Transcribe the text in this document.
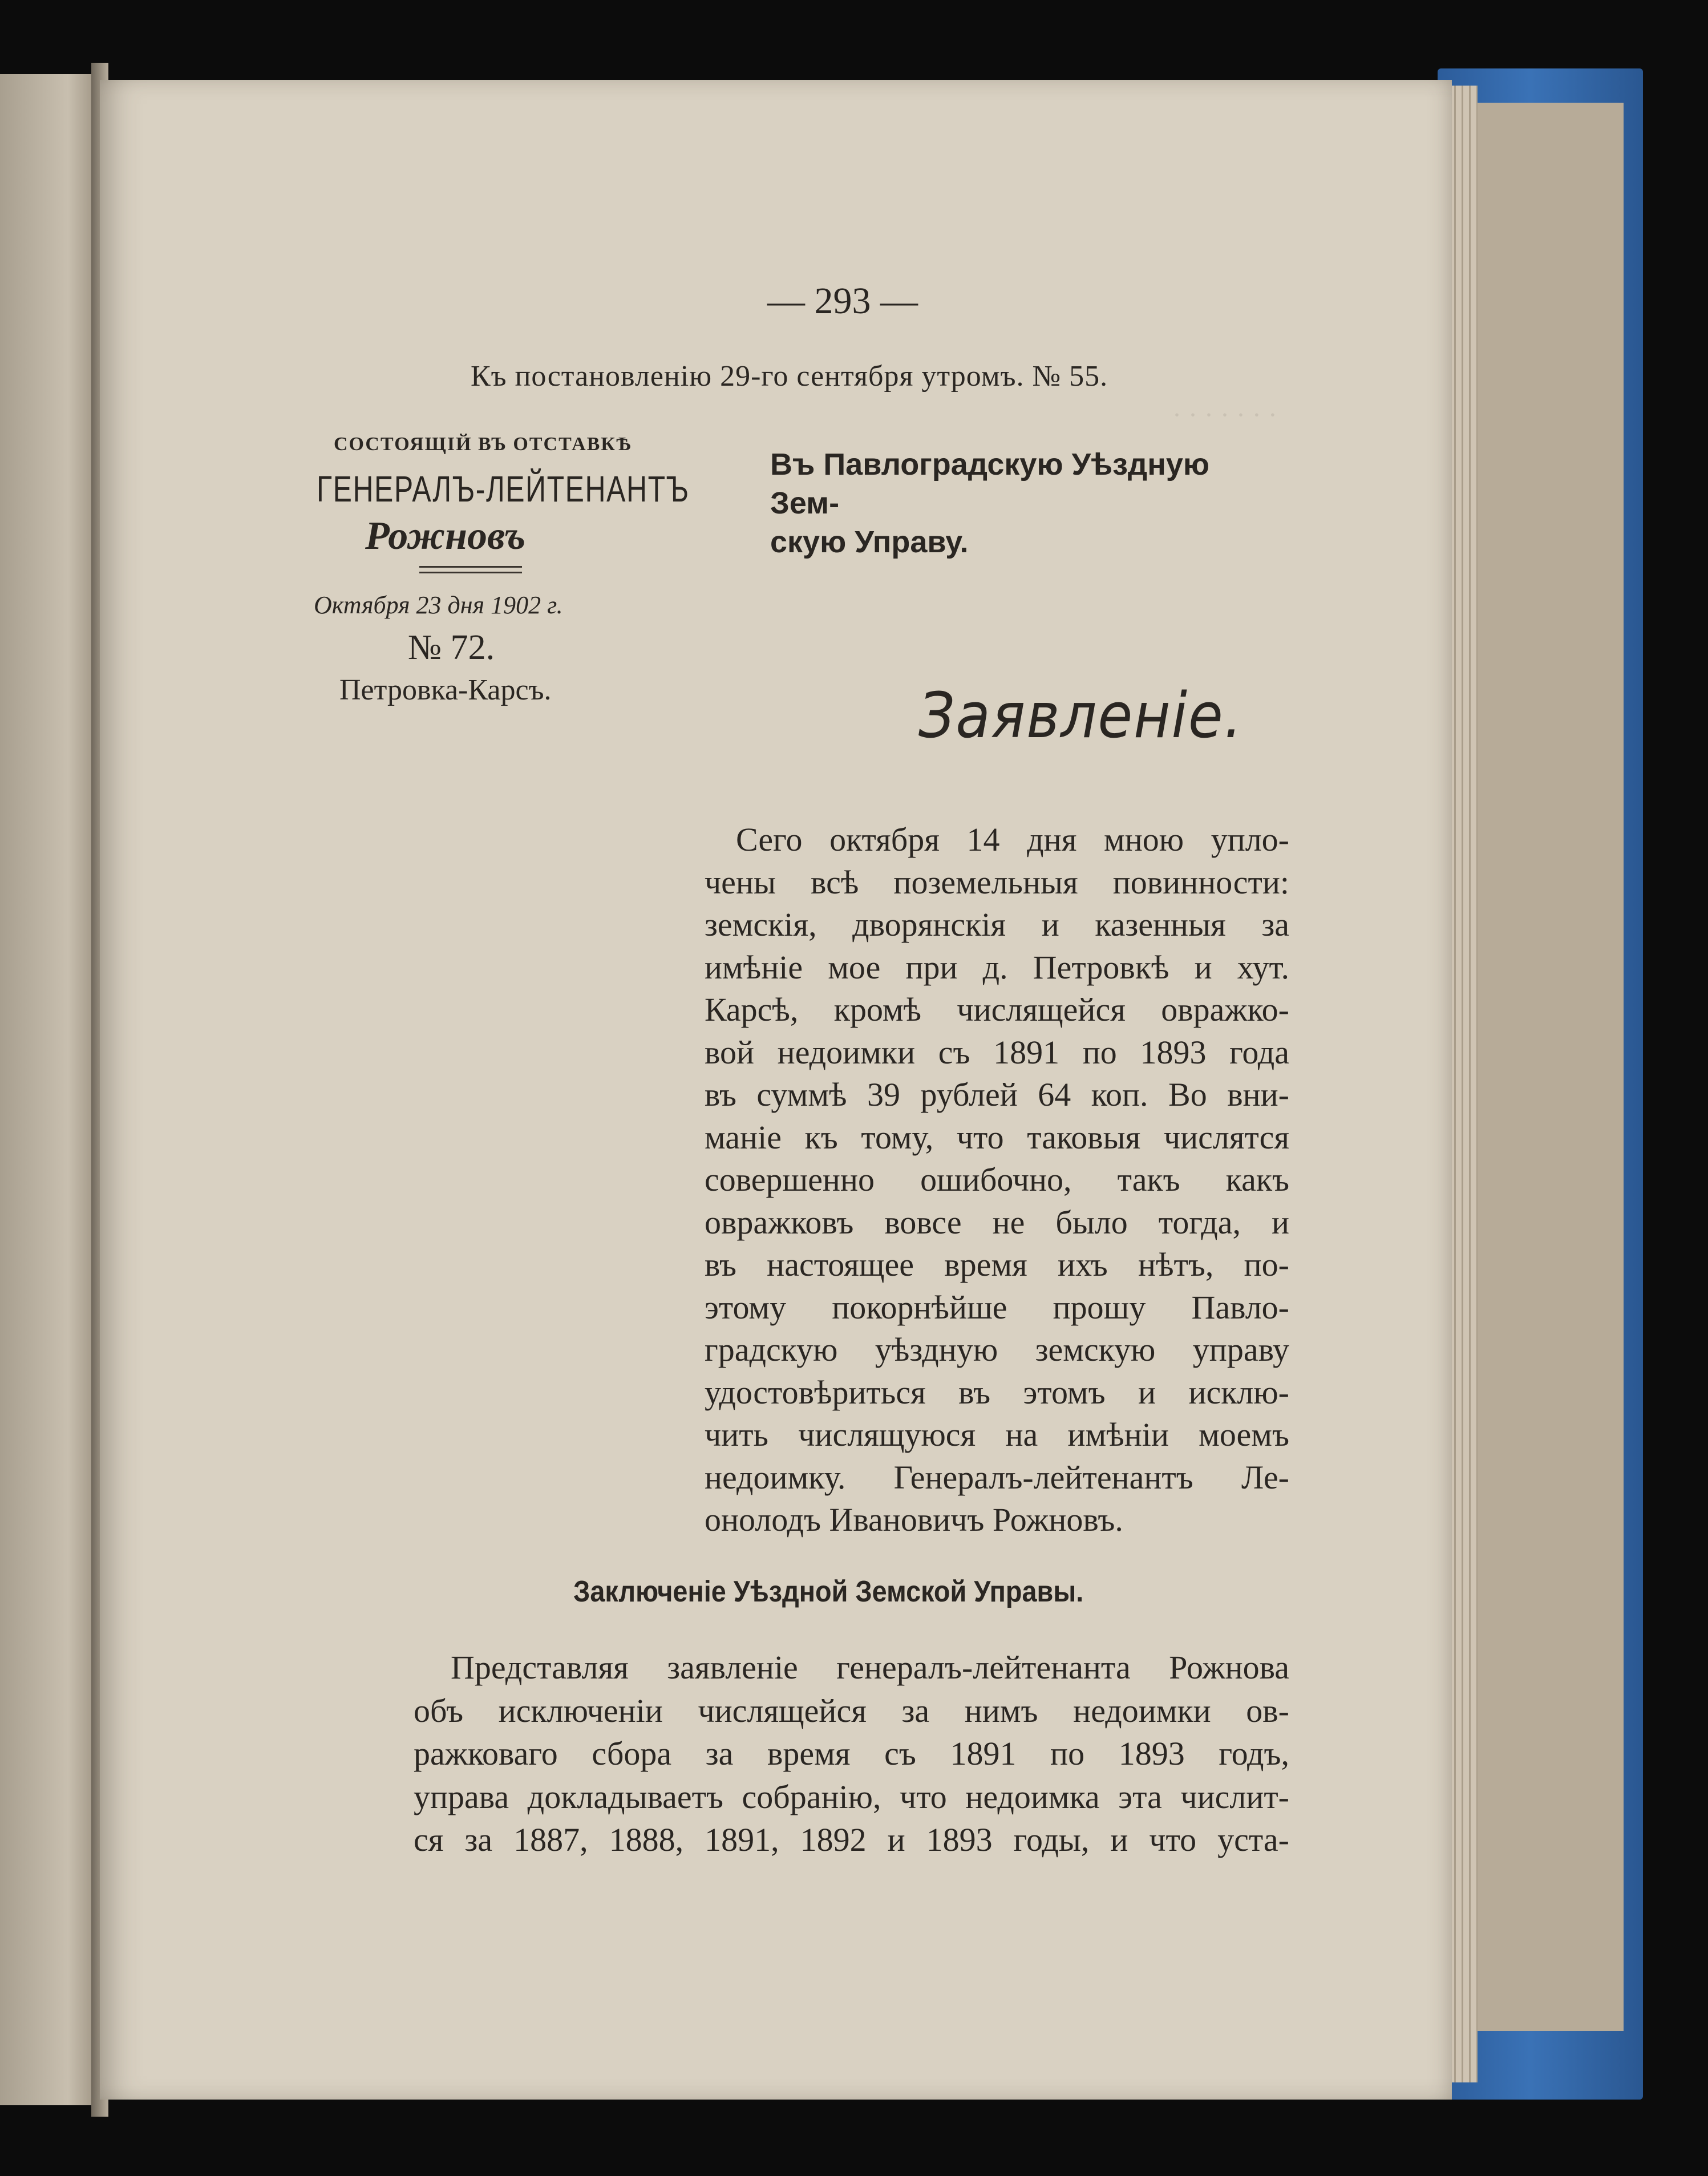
· · · · · · ·
— 293 —
Къ постановленію 29-го сентября утромъ. № 55.
СОСТОЯЩІЙ ВЪ ОТСТАВКѢ
ГЕНЕРАЛЪ-ЛЕЙТЕНАНТЪ
Рожновъ
Октября 23 дня 1902 г.
№ 72.
Петровка-Карсъ.
Въ Павлоградскую Уѣздную Зем-
скую Управу.
Заявленіе.
Сего октября 14 дня мною упло-
чены всѣ поземельныя повинности:
земскія, дворянскія и казенныя за
имѣніе мое при д. Петровкѣ и хут.
Карсѣ, кромѣ числящейся овражко-
вой недоимки съ 1891 по 1893 года
въ суммѣ 39 рублей 64 коп. Во вни-
маніе къ тому, что таковыя числятся
совершенно ошибочно, такъ какъ
овражковъ вовсе не было тогда, и
въ настоящее время ихъ нѣтъ, по-
этому покорнѣйше прошу Павло-
градскую уѣздную земскую управу
удостовѣриться въ этомъ и исклю-
чить числящуюся на имѣніи моемъ
недоимку. Генералъ-лейтенантъ Ле-
онолодъ Ивановичъ Рожновъ.
Заключеніе Уѣздной Земской Управы.
Представляя заявленіе генералъ-лейтенанта Рожнова
объ исключеніи числящейся за нимъ недоимки ов-
ражковаго сбора за время съ 1891 по 1893 годъ,
управа докладываетъ собранію, что недоимка эта числит-
ся за 1887, 1888, 1891, 1892 и 1893 годы, и что уста-
